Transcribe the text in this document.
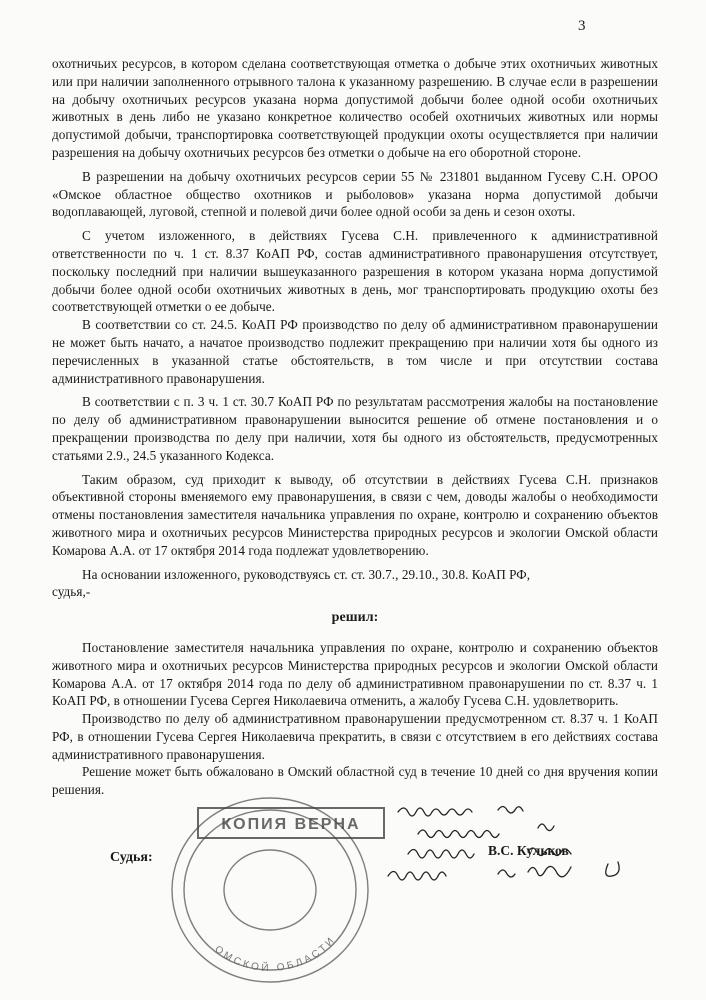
3

охотничьих ресурсов, в котором сделана соответствующая отметка о добыче этих охотничьих животных или при наличии заполненного отрывного талона к указанному разрешению. В случае если в разрешении на добычу охотничьих ресурсов указана норма допустимой добычи более одной особи охотничьих животных в день либо не указано конкретное количество особей охотничьих животных или нормы допустимой добычи, транспортировка соответствующей продукции охоты осуществляется при наличии разрешения на добычу охотничьих ресурсов без отметки о добыче на его оборотной стороне.

В разрешении на добычу охотничьих ресурсов серии 55 № 231801 выданном Гусеву С.Н. ОРОО «Омское областное общество охотников и рыболовов» указана норма допустимой добычи водоплавающей, луговой, степной и полевой дичи более одной особи за день и сезон охоты.

С учетом изложенного, в действиях Гусева С.Н. привлеченного к административной ответственности по ч. 1 ст. 8.37 КоАП РФ, состав административного правонарушения отсутствует, поскольку последний при наличии вышеуказанного разрешения в котором указана норма допустимой добычи более одной особи охотничьих животных в день, мог транспортировать продукцию охоты без соответствующей отметки о ее добыче.

В соответствии со ст. 24.5. КоАП РФ производство по делу об административном правонарушении не может быть начато, а начатое производство подлежит прекращению при наличии хотя бы одного из перечисленных в указанной статье обстоятельств, в том числе и при отсутствии состава административного правонарушения.

В соответствии с п. 3 ч. 1 ст. 30.7 КоАП РФ по результатам рассмотрения жалобы на постановление по делу об административном правонарушении выносится решение об отмене постановления и о прекращении производства по делу при наличии, хотя бы одного из обстоятельств, предусмотренных статьями 2.9., 24.5 указанного Кодекса.

Таким образом, суд приходит к выводу, об отсутствии в действиях Гусева С.Н. признаков объективной стороны вменяемого ему правонарушения, в связи с чем, доводы жалобы о необходимости отмены постановления заместителя начальника управления по охране, контролю и сохранению объектов животного мира и охотничьих ресурсов Министерства природных ресурсов и экологии Омской области Комарова А.А. от 17 октября 2014 года подлежат удовлетворению.

На основании изложенного, руководствуясь ст. ст. 30.7., 29.10., 30.8. КоАП РФ,

судья,-

решил:

Постановление заместителя начальника управления по охране, контролю и сохранению объектов животного мира и охотничьих ресурсов Министерства природных ресурсов и экологии Омской области Комарова А.А. от 17 октября 2014 года по делу об административном правонарушении по ст. 8.37 ч. 1 КоАП РФ, в отношении Гусева Сергея Николаевича отменить, а жалобу Гусева С.Н. удовлетворить.

Производство по делу об административном правонарушении предусмотренном ст. 8.37 ч. 1 КоАП РФ, в отношении Гусева Сергея Николаевича прекратить, в связи с отсутствием в его действиях состава административного правонарушения.

Решение может быть обжаловано в Омский областной суд в течение 10 дней со дня вручения копии решения.

ОМСКОЙ ОБЛАСТИ
КОПИЯ ВЕРНА
Судья:	В.С. Кульков
